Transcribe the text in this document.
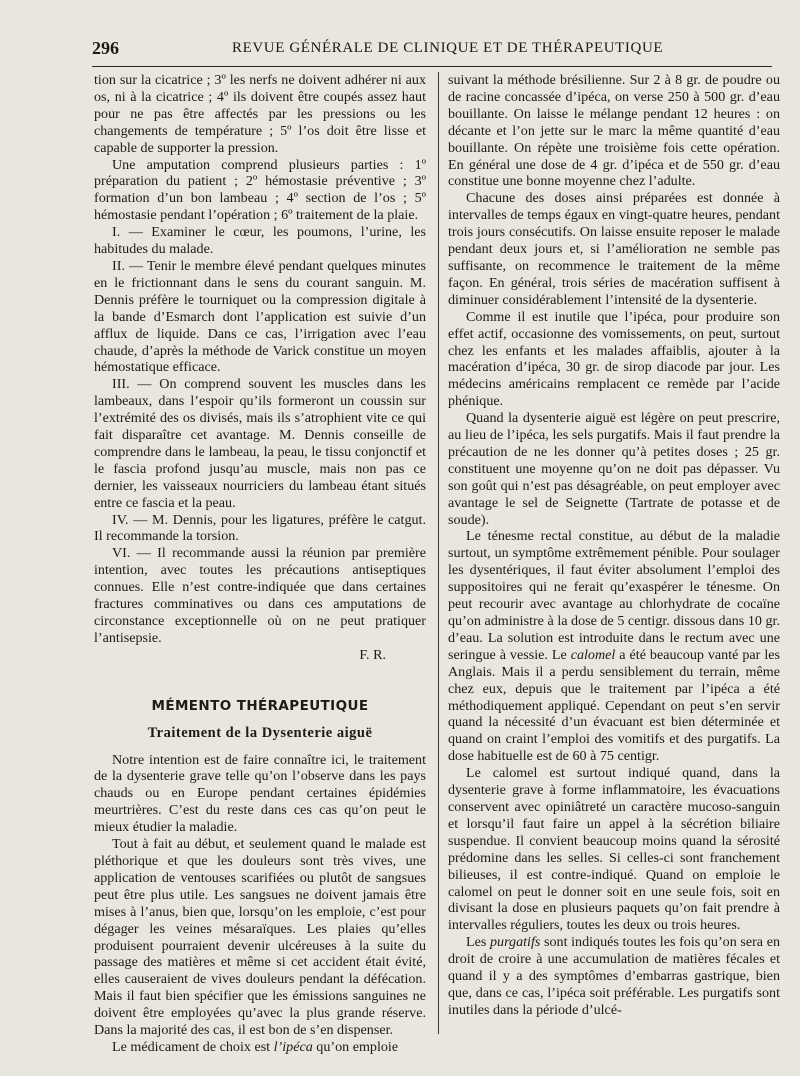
296	REVUE GÉNÉRALE DE CLINIQUE ET DE THÉRAPEUTIQUE

tion sur la cicatrice ; 3º les nerfs ne doivent adhérer ni aux os, ni à la cicatrice ; 4º ils doivent être coupés assez haut pour ne pas être affectés par les pressions ou les changements de température ; 5º l’os doit être lisse et capable de supporter la pression.

Une amputation comprend plusieurs parties : 1º préparation du patient ; 2º hémostasie préventive ; 3º formation d’un bon lambeau ; 4º section de l’os ; 5º hémostasie pendant l’opération ; 6º traitement de la plaie.

I. — Examiner le cœur, les poumons, l’urine, les habitudes du malade.

II. — Tenir le membre élevé pendant quelques minutes en le frictionnant dans le sens du courant sanguin. M. Dennis préfère le tourniquet ou la compression digitale à la bande d’Esmarch dont l’application est suivie d’un afflux de liquide. Dans ce cas, l’irrigation avec l’eau chaude, d’après la méthode de Varick constitue un moyen hémostatique efficace.

III. — On comprend souvent les muscles dans les lambeaux, dans l’espoir qu’ils formeront un coussin sur l’extrémité des os divisés, mais ils s’atrophient vite ce qui fait disparaître cet avantage. M. Dennis conseille de comprendre dans le lambeau, la peau, le tissu conjonctif et le fascia profond jusqu’au muscle, mais non pas ce dernier, les vaisseaux nourriciers du lambeau étant situés entre ce fascia et la peau.

IV. — M. Dennis, pour les ligatures, préfère le catgut. Il recommande la torsion.

VI. — Il recommande aussi la réunion par première intention, avec toutes les précautions antiseptiques connues. Elle n’est contre-indiquée que dans certaines fractures comminatives ou dans ces amputations de circonstance exceptionnelle où on ne peut pratiquer l’antisepsie.

F. R.

MÉMENTO THÉRAPEUTIQUE
Traitement de la Dysenterie aiguë

Notre intention est de faire connaître ici, le traitement de la dysenterie grave telle qu’on l’observe dans les pays chauds ou en Europe pendant certaines épidémies meurtrières. C’est du reste dans ces cas qu’on peut le mieux étudier la maladie.

Tout à fait au début, et seulement quand le malade est pléthorique et que les douleurs sont très vives, une application de ventouses scarifiées ou plutôt de sangsues peut être plus utile. Les sangsues ne doivent jamais être mises à l’anus, bien que, lorsqu’on les emploie, c’est pour dégager les veines mésaraïques. Les plaies qu’elles produisent pourraient devenir ulcéreuses à la suite du passage des matières et même si cet accident était évité, elles causeraient de vives douleurs pendant la défécation. Mais il faut bien spécifier que les émissions sanguines ne doivent être employées qu’avec la plus grande réserve. Dans la majorité des cas, il est bon de s’en dispenser.

Le médicament de choix est l’ipéca qu’on emploie

suivant la méthode brésilienne. Sur 2 à 8 gr. de poudre ou de racine concassée d’ipéca, on verse 250 à 500 gr. d’eau bouillante. On laisse le mélange pendant 12 heures : on décante et l’on jette sur le marc la même quantité d’eau bouillante. On répète une troisième fois cette opération. En général une dose de 4 gr. d’ipéca et de 550 gr. d’eau constitue une bonne moyenne chez l’adulte.

Chacune des doses ainsi préparées est donnée à intervalles de temps égaux en vingt-quatre heures, pendant trois jours consécutifs. On laisse ensuite reposer le malade pendant deux jours et, si l’amélioration ne semble pas suffisante, on recommence le traitement de la même façon. En général, trois séries de macération suffisent à diminuer considérablement l’intensité de la dysenterie.

Comme il est inutile que l’ipéca, pour produire son effet actif, occasionne des vomissements, on peut, surtout chez les enfants et les malades affaiblis, ajouter à la macération d’ipéca, 30 gr. de sirop diacode par jour. Les médecins américains remplacent ce remède par l’acide phénique.

Quand la dysenterie aiguë est légère on peut prescrire, au lieu de l’ipéca, les sels purgatifs. Mais il faut prendre la précaution de ne les donner qu’à petites doses ; 25 gr. constituent une moyenne qu’on ne doit pas dépasser. Vu son goût qui n’est pas désagréable, on peut employer avec avantage le sel de Seignette (Tartrate de potasse et de soude).

Le ténesme rectal constitue, au début de la maladie surtout, un symptôme extrêmement pénible. Pour soulager les dysentériques, il faut éviter absolument l’emploi des suppositoires qui ne ferait qu’exaspérer le ténesme. On peut recourir avec avantage au chlorhydrate de cocaïne qu’on administre à la dose de 5 centigr. dissous dans 10 gr. d’eau. La solution est introduite dans le rectum avec une seringue à vessie. Le calomel a été beaucoup vanté par les Anglais. Mais il a perdu sensiblement du terrain, même chez eux, depuis que le traitement par l’ipéca a été méthodiquement appliqué. Cependant on peut s’en servir quand la nécessité d’un évacuant est bien déterminée et quand on craint l’emploi des vomitifs et des purgatifs. La dose habituelle est de 60 à 75 centigr.

Le calomel est surtout indiqué quand, dans la dysenterie grave à forme inflammatoire, les évacuations conservent avec opiniâtreté un caractère mucoso-sanguin et lorsqu’il faut faire un appel à la sécrétion biliaire suspendue. Il convient beaucoup moins quand la sérosité prédomine dans les selles. Si celles-ci sont franchement bilieuses, il est contre-indiqué. Quand on emploie le calomel on peut le donner soit en une seule fois, soit en divisant la dose en plusieurs paquets qu’on fait prendre à intervalles réguliers, toutes les deux ou trois heures.

Les purgatifs sont indiqués toutes les fois qu’on sera en droit de croire à une accumulation de matières fécales et quand il y a des symptômes d’embarras gastrique, bien que, dans ce cas, l’ipéca soit préférable. Les purgatifs sont inutiles dans la période d’ulcé-
